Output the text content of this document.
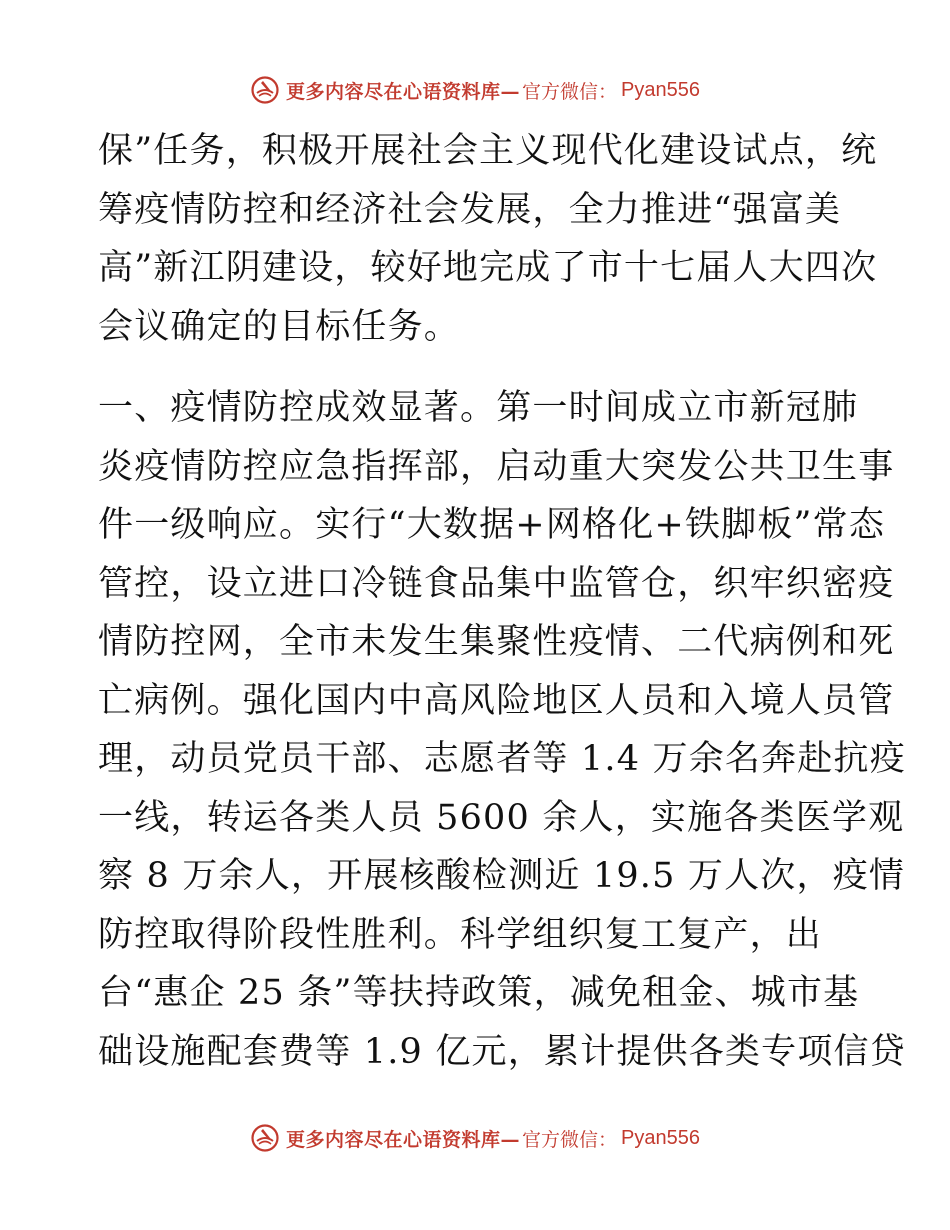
更多内容尽在心语资料库— 官方微信： Pyan556
保”任务，积极开展社会主义现代化建设试点，统
筹疫情防控和经济社会发展，全力推进“强富美
高”新江阴建设，较好地完成了市十七届人大四次
会议确定的目标任务。
一、疫情防控成效显著。第一时间成立市新冠肺
炎疫情防控应急指挥部，启动重大突发公共卫生事
件一级响应。实行“大数据+网格化+铁脚板”常态
管控，设立进口冷链食品集中监管仓，织牢织密疫
情防控网，全市未发生集聚性疫情、二代病例和死
亡病例。强化国内中高风险地区人员和入境人员管
理，动员党员干部、志愿者等 1.4 万余名奔赴抗疫
一线，转运各类人员 5600 余人，实施各类医学观
察 8 万余人，开展核酸检测近 19.5 万人次，疫情
防控取得阶段性胜利。科学组织复工复产，出
台“惠企 25 条”等扶持政策，减免租金、城市基
础设施配套费等 1.9 亿元，累计提供各类专项信贷
更多内容尽在心语资料库— 官方微信： Pyan556
